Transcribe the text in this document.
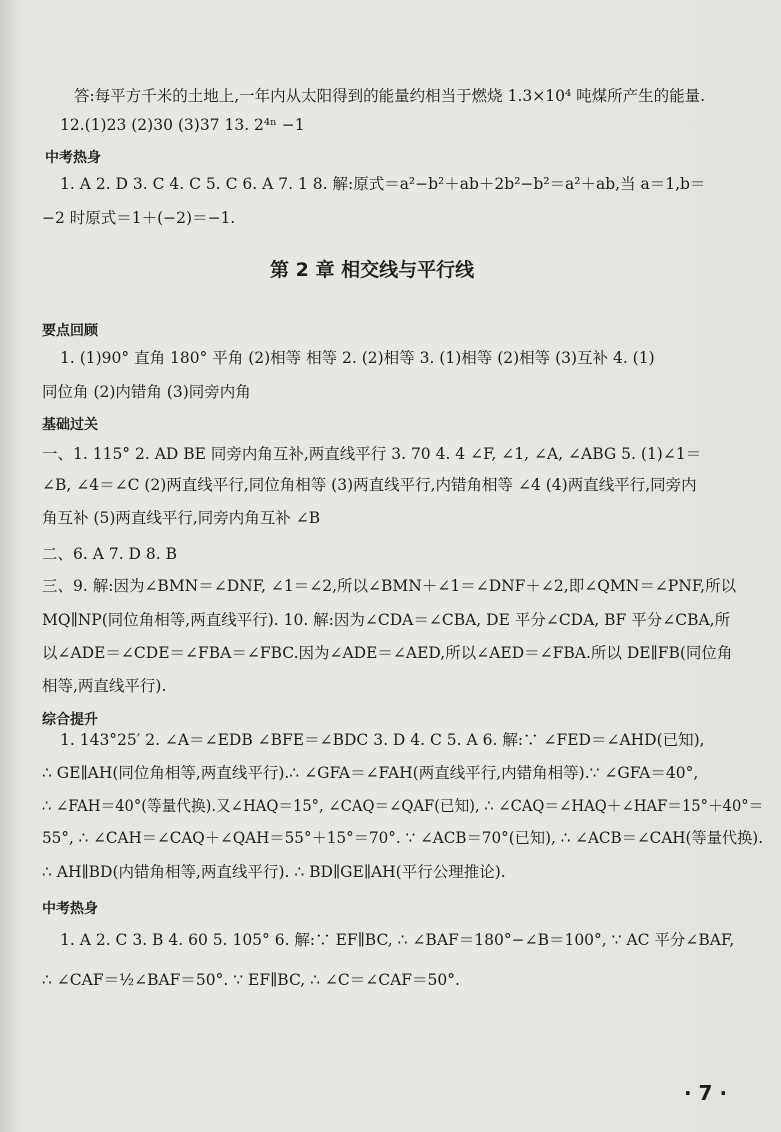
答:每平方千米的土地上,一年内从太阳得到的能量约相当于燃烧 1.3×10⁴ 吨煤所产生的能量.
12.(1)23 (2)30 (3)37 13. 2⁴ⁿ −1
中考热身
1. A 2. D 3. C 4. C 5. C 6. A 7. 1 8. 解:原式＝a²−b²＋ab＋2b²−b²＝a²＋ab,当 a＝1,b＝
−2 时原式＝1＋(−2)＝−1.
第 2 章 相交线与平行线
要点回顾
1. (1)90° 直角 180° 平角 (2)相等 相等 2. (2)相等 3. (1)相等 (2)相等 (3)互补 4. (1)
同位角 (2)内错角 (3)同旁内角
基础过关
一、1. 115° 2. AD BE 同旁内角互补,两直线平行 3. 70 4. 4 ∠F, ∠1, ∠A, ∠ABG 5. (1)∠1＝
∠B, ∠4＝∠C (2)两直线平行,同位角相等 (3)两直线平行,内错角相等 ∠4 (4)两直线平行,同旁内
角互补 (5)两直线平行,同旁内角互补 ∠B
二、6. A 7. D 8. B
三、9. 解:因为∠BMN＝∠DNF, ∠1＝∠2,所以∠BMN＋∠1＝∠DNF＋∠2,即∠QMN＝∠PNF,所以
MQ∥NP(同位角相等,两直线平行). 10. 解:因为∠CDA＝∠CBA, DE 平分∠CDA, BF 平分∠CBA,所
以∠ADE＝∠CDE＝∠FBA＝∠FBC.因为∠ADE＝∠AED,所以∠AED＝∠FBA.所以 DE∥FB(同位角
相等,两直线平行).
综合提升
1. 143°25′ 2. ∠A＝∠EDB ∠BFE＝∠BDC 3. D 4. C 5. A 6. 解:∵ ∠FED＝∠AHD(已知),
∴ GE∥AH(同位角相等,两直线平行).∴ ∠GFA＝∠FAH(两直线平行,内错角相等).∵ ∠GFA＝40°,
∴ ∠FAH＝40°(等量代换).又∠HAQ＝15°, ∠CAQ＝∠QAF(已知), ∴ ∠CAQ＝∠HAQ＋∠HAF＝15°＋40°＝
55°, ∴ ∠CAH＝∠CAQ＋∠QAH＝55°＋15°＝70°. ∵ ∠ACB＝70°(已知), ∴ ∠ACB＝∠CAH(等量代换).
∴ AH∥BD(内错角相等,两直线平行). ∴ BD∥GE∥AH(平行公理推论).
中考热身
1. A 2. C 3. B 4. 60 5. 105° 6. 解:∵ EF∥BC, ∴ ∠BAF＝180°−∠B＝100°, ∵ AC 平分∠BAF,
∴ ∠CAF＝½∠BAF＝50°. ∵ EF∥BC, ∴ ∠C＝∠CAF＝50°.
· 7 ·
